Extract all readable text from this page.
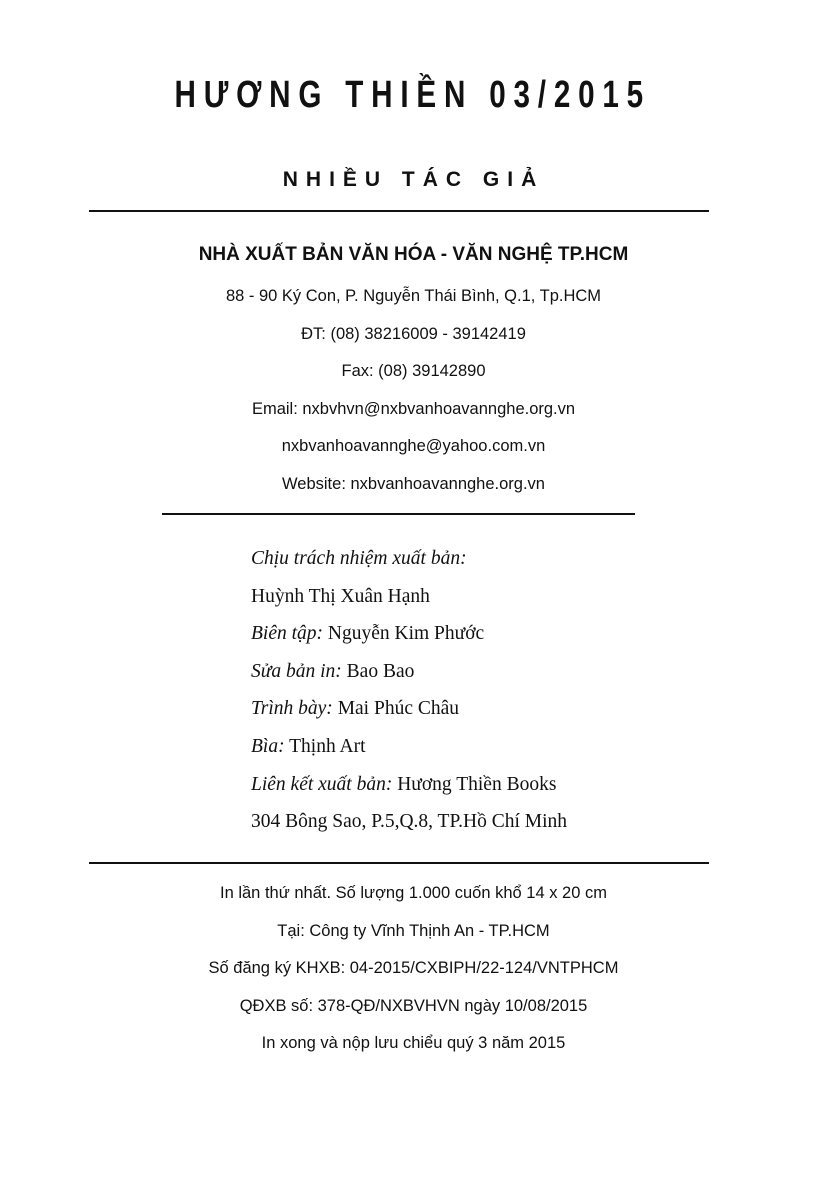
HƯƠNG THIỀN 03/2015
NHIỀU TÁC GIẢ
NHÀ XUẤT BẢN VĂN HÓA - VĂN NGHỆ TP.HCM
88 - 90 Ký Con, P. Nguyễn Thái Bình, Q.1, Tp.HCM
ĐT: (08) 38216009 - 39142419
Fax: (08) 39142890
Email: nxbvhvn@nxbvanhoavannghe.org.vn
nxbvanhoavannghe@yahoo.com.vn
Website: nxbvanhoavannghe.org.vn
Chịu trách nhiệm xuất bản:
Huỳnh Thị Xuân Hạnh
Biên tập: Nguyễn Kim Phước
Sửa bản in: Bao Bao
Trình bày: Mai Phúc Châu
Bìa: Thịnh Art
Liên kết xuất bản: Hương Thiền Books
304 Bông Sao, P.5,Q.8, TP.Hồ Chí Minh
In lần thứ nhất. Số lượng 1.000 cuốn khổ 14 x 20 cm
Tại: Công ty Vĩnh Thịnh An - TP.HCM
Số đăng ký KHXB: 04-2015/CXBIPH/22-124/VNTPHCM
QĐXB số: 378-QĐ/NXBVHVN ngày 10/08/2015
In xong và nộp lưu chiểu quý 3 năm 2015
